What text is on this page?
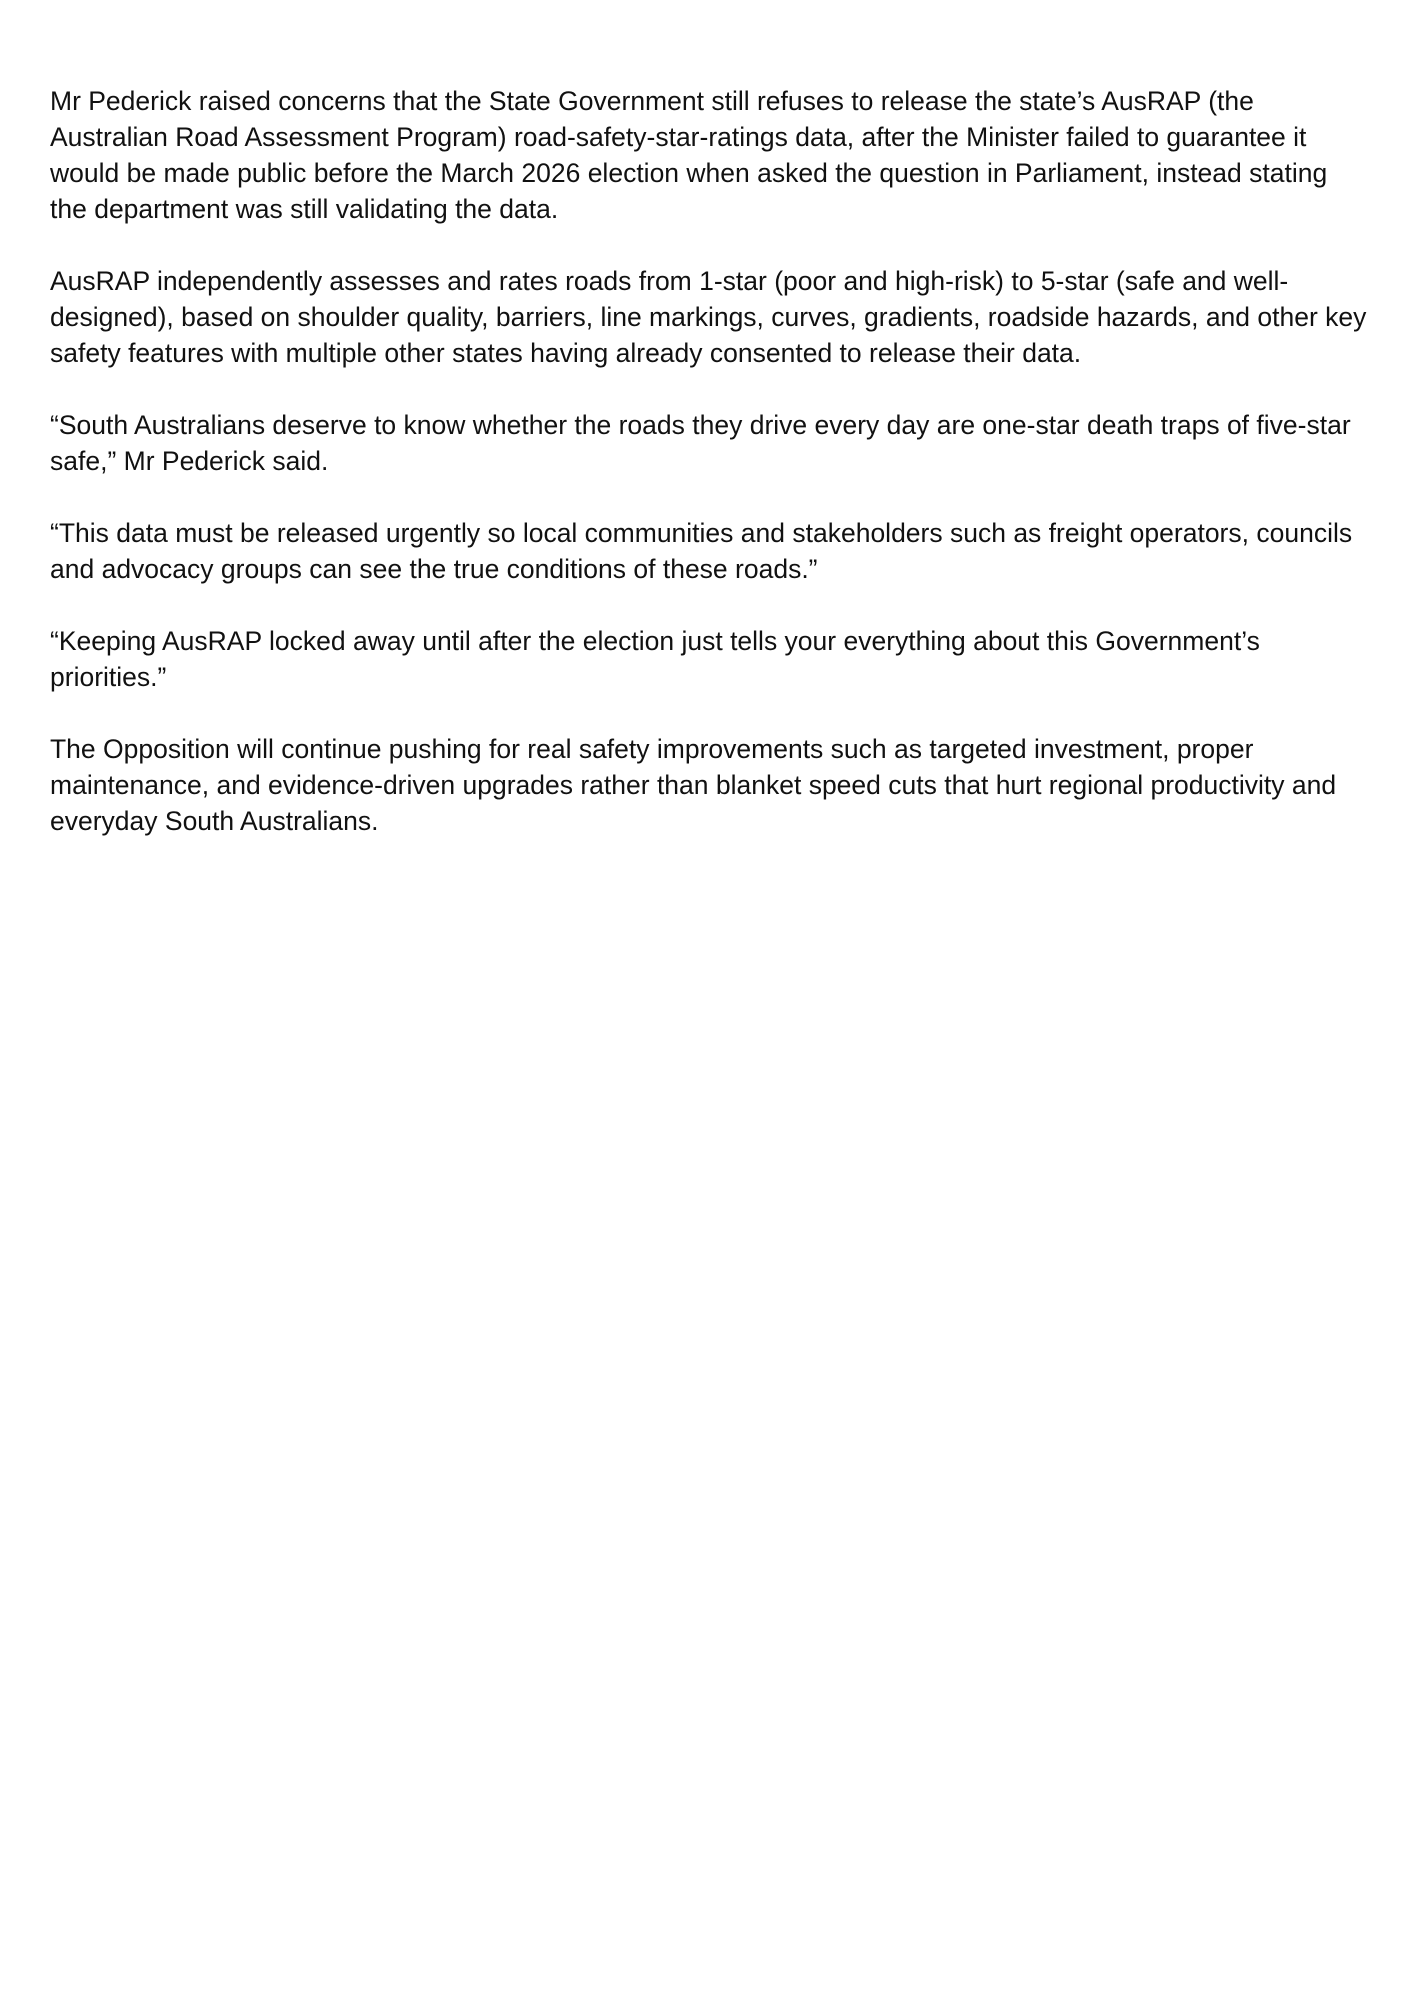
Mr Pederick raised concerns that the State Government still refuses to release the state’s AusRAP (the Australian Road Assessment Program) road-safety-star-ratings data, after the Minister failed to guarantee it would be made public before the March 2026 election when asked the question in Parliament, instead stating the department was still validating the data.

AusRAP independently assesses and rates roads from 1-star (poor and high-risk) to 5-star (safe and well-designed), based on shoulder quality, barriers, line markings, curves, gradients, roadside hazards, and other key safety features with multiple other states having already consented to release their data.

“South Australians deserve to know whether the roads they drive every day are one-star death traps of five-star safe,” Mr Pederick said.

“This data must be released urgently so local communities and stakeholders such as freight operators, councils and advocacy groups can see the true conditions of these roads.”

“Keeping AusRAP locked away until after the election just tells your everything about this Government’s priorities.”

The Opposition will continue pushing for real safety improvements such as targeted investment, proper maintenance, and evidence-driven upgrades rather than blanket speed cuts that hurt regional productivity and everyday South Australians.
